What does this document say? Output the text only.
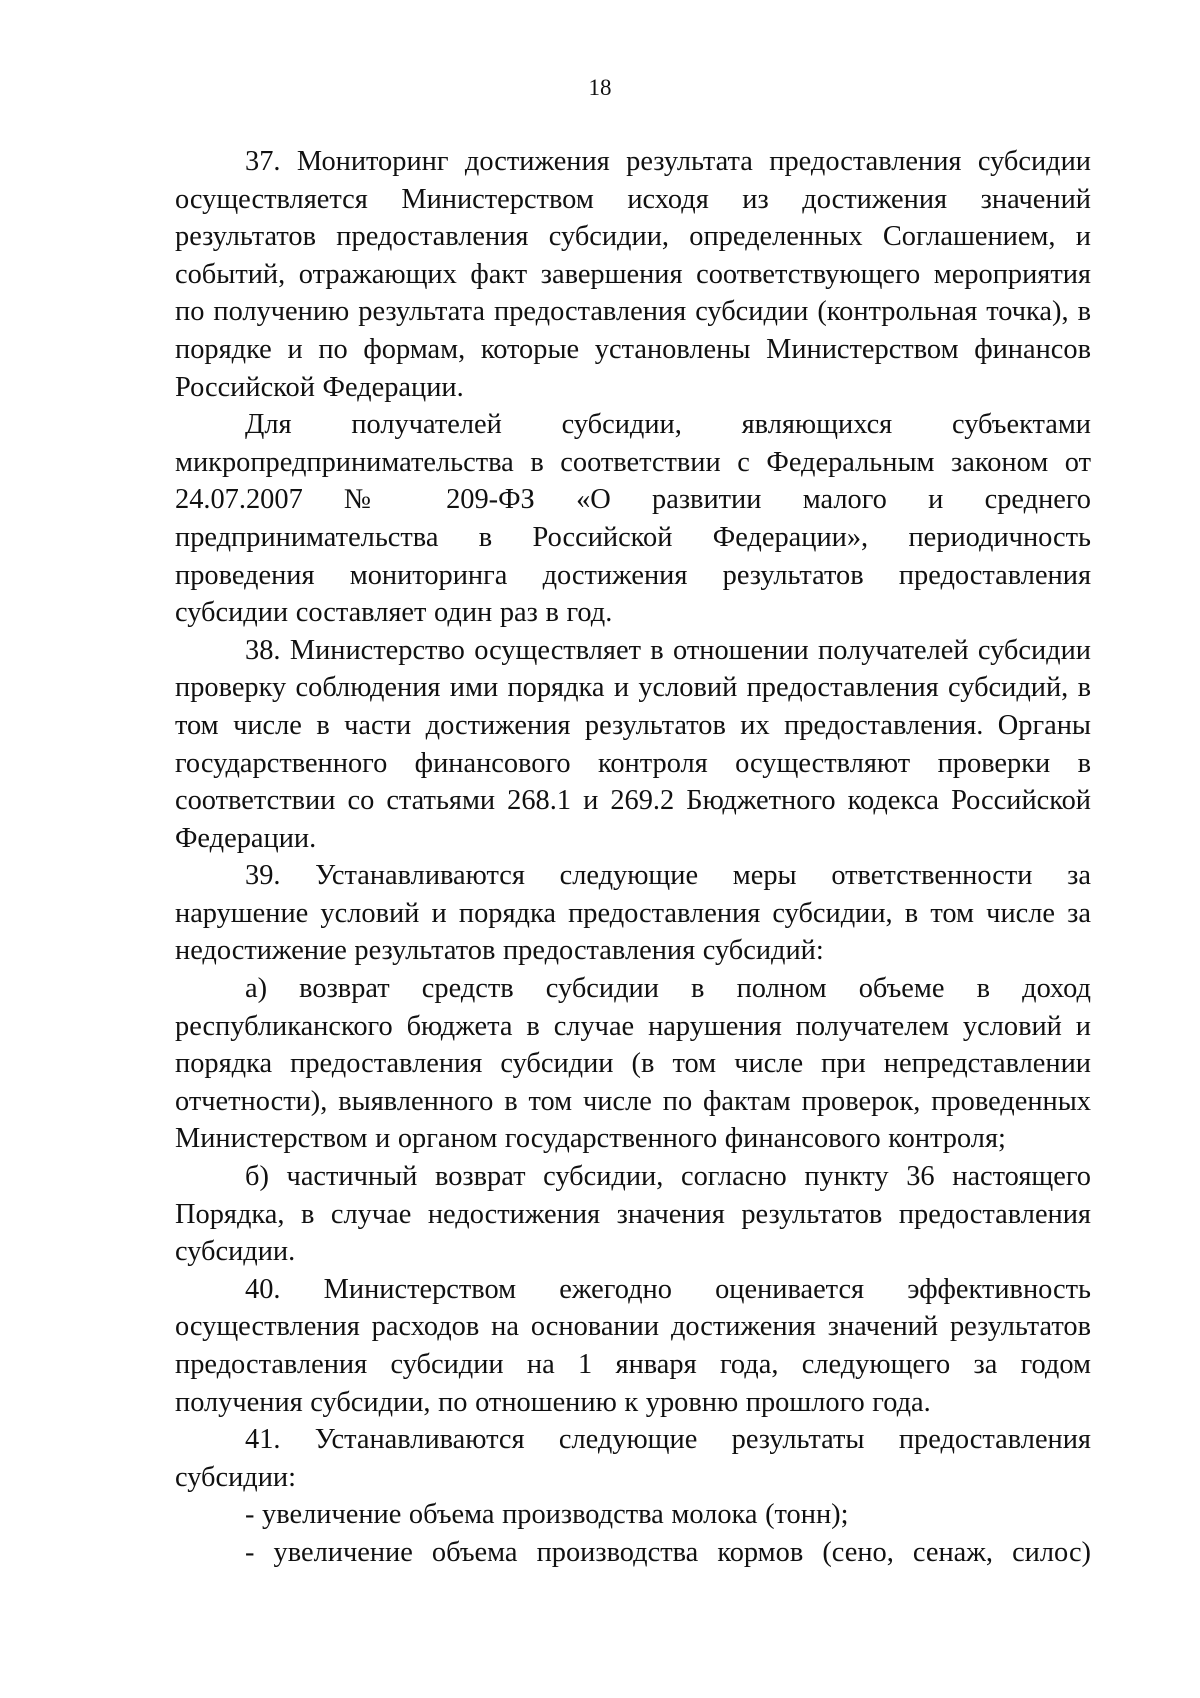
18

37. Мониторинг достижения результата предоставления субсидии осуществляется Министерством исходя из достижения значений результатов предоставления субсидии, определенных Соглашением, и событий, отражающих факт завершения соответствующего мероприятия по получению результата предоставления субсидии (контрольная точка), в порядке и по формам, которые установлены Министерством финансов Российской Федерации.

Для получателей субсидии, являющихся субъектами микропредпринимательства в соответствии с Федеральным законом от 24.07.2007 № 209-ФЗ «О развитии малого и среднего предпринимательства в Российской Федерации», периодичность проведения мониторинга достижения результатов предоставления субсидии составляет один раз в год.

38. Министерство осуществляет в отношении получателей субсидии проверку соблюдения ими порядка и условий предоставления субсидий, в том числе в части достижения результатов их предоставления. Органы государственного финансового контроля осуществляют проверки в соответствии со статьями 268.1 и 269.2 Бюджетного кодекса Российской Федерации.

39. Устанавливаются следующие меры ответственности за нарушение условий и порядка предоставления субсидии, в том числе за недостижение результатов предоставления субсидий:

а) возврат средств субсидии в полном объеме в доход республиканского бюджета в случае нарушения получателем условий и порядка предоставления субсидии (в том числе при непредставлении отчетности), выявленного в том числе по фактам проверок, проведенных Министерством и органом государственного финансового контроля;

б) частичный возврат субсидии, согласно пункту 36 настоящего Порядка, в случае недостижения значения результатов предоставления субсидии.

40. Министерством ежегодно оценивается эффективность осуществления расходов на основании достижения значений результатов предоставления субсидии на 1 января года, следующего за годом получения субсидии, по отношению к уровню прошлого года.

41. Устанавливаются следующие результаты предоставления субсидии:

- увеличение объема производства молока (тонн);

- увеличение объема производства кормов (сено, сенаж, силос)
